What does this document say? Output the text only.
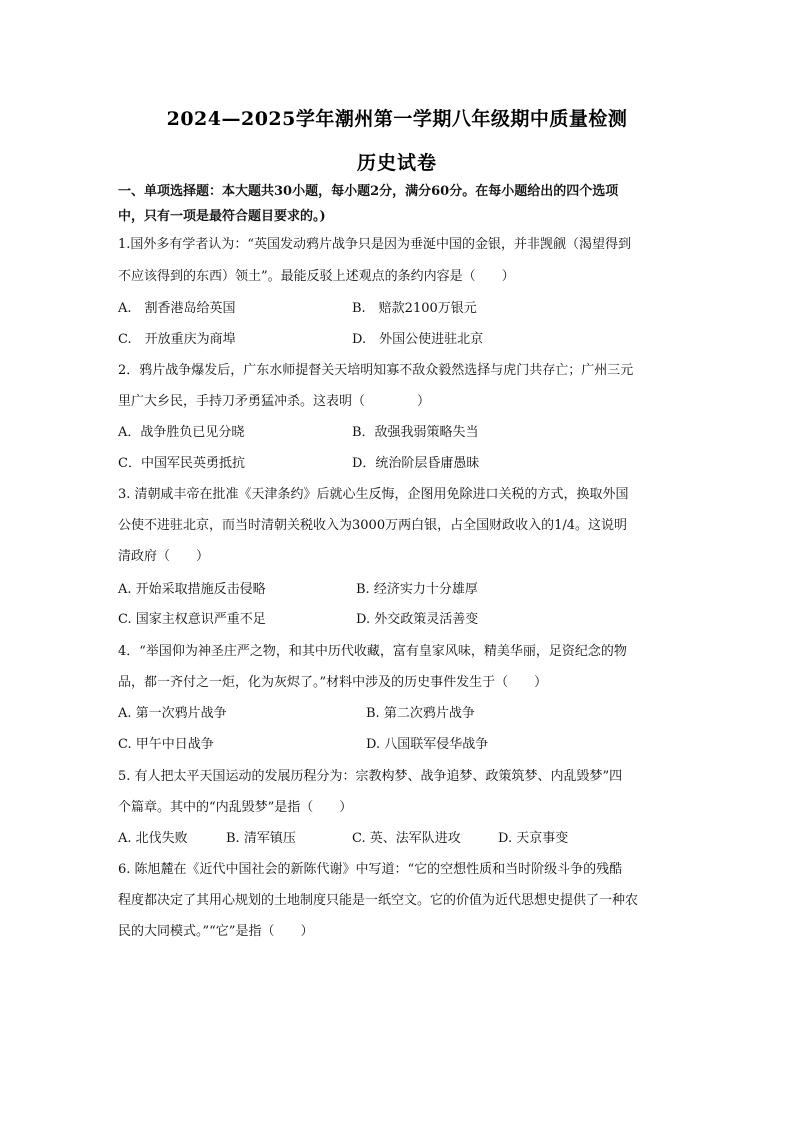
2024—2025学年潮州第一学期八年级期中质量检测
历史试卷
一、单项选择题：本大题共30小题，每小题2分，满分60分。在每小题给出的四个选项
中，只有一项是最符合题目要求的。)
1.国外多有学者认为：“英国发动鸦片战争只是因为垂涎中国的金银，并非觊觎（渴望得到
不应该得到的东西）领土”。最能反驳上述观点的条约内容是（　　）
A.　割香港岛给英国	B.　赔款2100万银元
C.　开放重庆为商埠	D.　外国公使进驻北京
2．鸦片战争爆发后，广东水师提督关天培明知寡不敌众毅然选择与虎门共存亡；广州三元
里广大乡民，手持刀矛勇猛冲杀。这表明（　　　　）
A．战争胜负已见分晓	B．敌强我弱策略失当
C．中国军民英勇抵抗	D．统治阶层昏庸愚昧
3. 清朝咸丰帝在批准《天津条约》后就心生反悔，企图用免除进口关税的方式，换取外国
公使不进驻北京，而当时清朝关税收入为3000万两白银，占全国财政收入的1/4。这说明
清政府（　　）
A. 开始采取措施反击侵略	B. 经济实力十分雄厚
C. 国家主权意识严重不足	D. 外交政策灵活善变
4．“举国仰为神圣庄严之物，和其中历代收藏，富有皇家风味，精美华丽，足资纪念的物
品，都一齐付之一炬，化为灰烬了。”材料中涉及的历史事件发生于（　　）
A. 第一次鸦片战争	B. 第二次鸦片战争
C. 甲午中日战争	D. 八国联军侵华战争
5. 有人把太平天国运动的发展历程分为：宗教构梦、战争追梦、政策筑梦、内乱毁梦”四
个篇章。其中的“内乱毁梦”是指（　　）
A. 北伐失败	B. 清军镇压	C. 英、法军队进攻	D. 天京事变
6. 陈旭麓在《近代中国社会的新陈代谢》中写道：“它的空想性质和当时阶级斗争的残酷
程度都决定了其用心规划的土地制度只能是一纸空文。它的价值为近代思想史提供了一种农
民的大同模式。”“它”是指（　　）
